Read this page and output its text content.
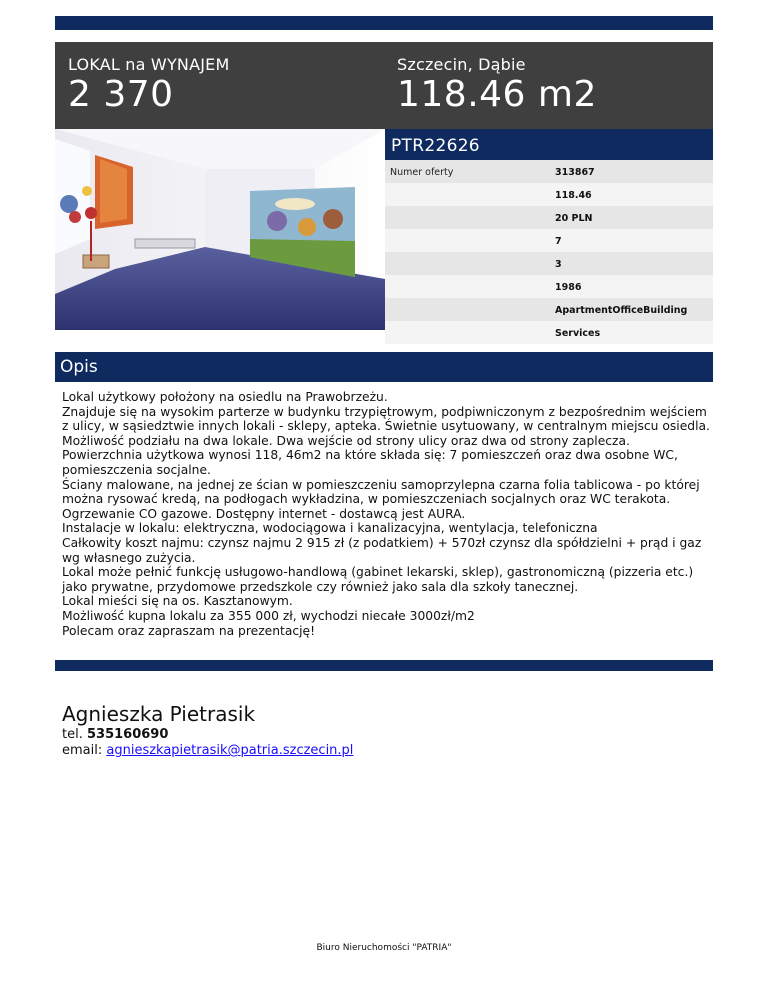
LOKAL na WYNAJEM
2 370
Szczecin, Dąbie
118.46 m2
PTR22626
Numer oferty	313867
118.46
20 PLN
7
3
1986
ApartmentOfficeBuilding
Services
Opis

Lokal użytkowy położony na osiedlu na Prawobrzeżu.

Znajduje się na wysokim parterze w budynku trzypiętrowym, podpiwniczonym z bezpośrednim wejściem z ulicy, w sąsiedztwie innych lokali - sklepy, apteka. Świetnie usytuowany, w centralnym miejscu osiedla.

Możliwość podziału na dwa lokale. Dwa wejście od strony ulicy oraz dwa od strony zaplecza.

Powierzchnia użytkowa wynosi 118, 46m2 na które składa się: 7 pomieszczeń oraz dwa osobne WC, pomieszczenia socjalne.

Ściany malowane, na jednej ze ścian w pomieszczeniu samoprzylepna czarna folia tablicowa - po której można rysować kredą, na podłogach wykładzina, w pomieszczeniach socjalnych oraz WC terakota. Ogrzewanie CO gazowe. Dostępny internet - dostawcą jest AURA.

Instalacje w lokalu: elektryczna, wodociągowa i kanalizacyjna, wentylacja, telefoniczna

Całkowity koszt najmu: czynsz najmu 2 915 zł (z podatkiem) + 570zł czynsz dla spółdzielni + prąd i gaz wg własnego zużycia.

Lokal może pełnić funkcję usługowo-handlową (gabinet lekarski, sklep), gastronomiczną (pizzeria etc.) jako prywatne, przydomowe przedszkole czy również jako sala dla szkoły tanecznej.

Lokal mieści się na os. Kasztanowym.

Możliwość kupna lokalu za 355 000 zł, wychodzi niecałe 3000zł/m2

Polecam oraz zapraszam na prezentację!

Agnieszka Pietrasik
tel. 535160690
email: agnieszkapietrasik@patria.szczecin.pl
Biuro Nieruchomości "PATRIA"
